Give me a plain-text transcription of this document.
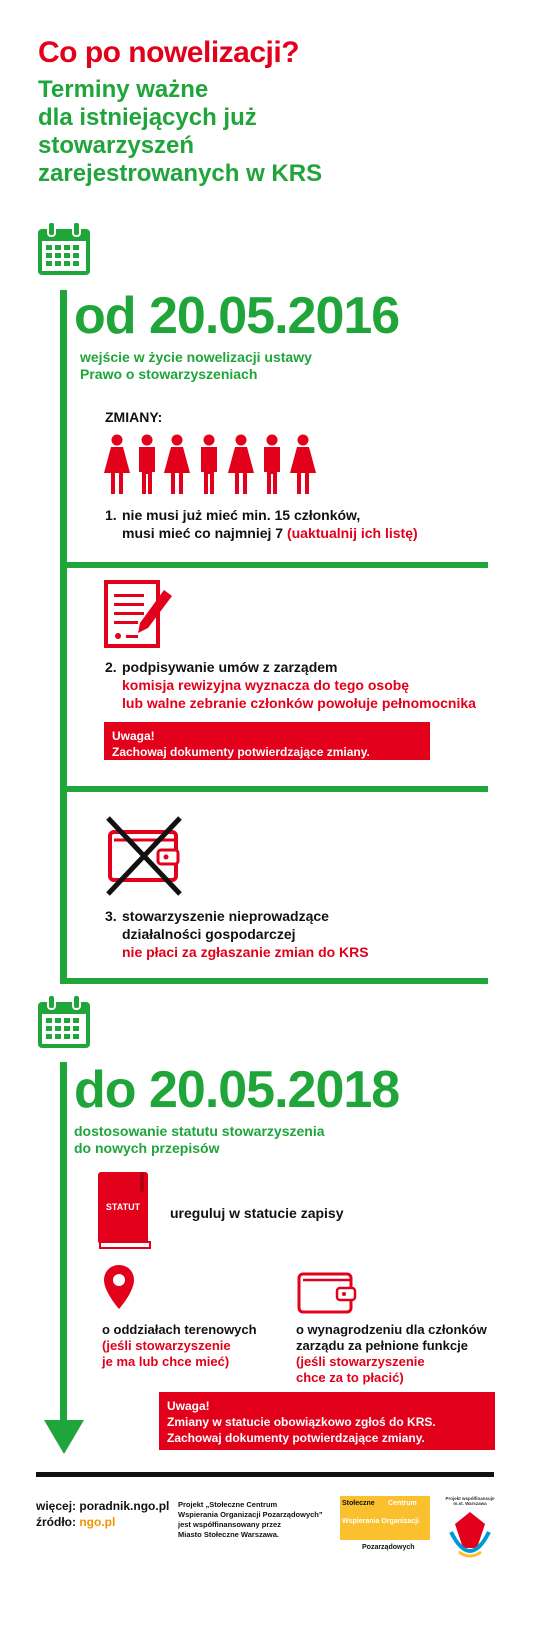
Co po nowelizacji?
Terminy ważne
dla istniejących już
stowarzyszeń
zarejestrowanych w KRS
od 20.05.2016
wejście w życie nowelizacji ustawy
Prawo o stowarzyszeniach
ZMIANY:
1. nie musi już mieć min. 15 członków,
musi mieć co najmniej 7 (uaktualnij ich listę)
2. podpisywanie umów z zarządem
komisja rewizyjna wyznacza do tego osobę
lub walne zebranie członków powołuje pełnomocnika
Uwaga!
Zachowaj dokumenty potwierdzające zmiany.
3. stowarzyszenie nieprowadzące
działalności gospodarczej
nie płaci za zgłaszanie zmian do KRS
do 20.05.2018
dostosowanie statutu stowarzyszenia
do nowych przepisów
STATUT	ureguluj w statucie zapisy
o oddziałach terenowych
(jeśli stowarzyszenie
je ma lub chce mieć)
o wynagrodzeniu dla członków
zarządu za pełnione funkcje
(jeśli stowarzyszenie
chce za to płacić)
Uwaga!
Zmiany w statucie obowiązkowo zgłoś do KRS.
Zachowaj dokumenty potwierdzające zmiany.
więcej: poradnik.ngo.pl
źródło: ngo.pl
Projekt „Stołeczne Centrum
Wspierania Organizacji Pozarządowych”
jest współfinansowany przez
Miasto Stołeczne Warszawa.
Stołeczne Centrum
Wspierania Organizacji
Pozarządowych
Projekt współfinansuje m.st. Warszawa
